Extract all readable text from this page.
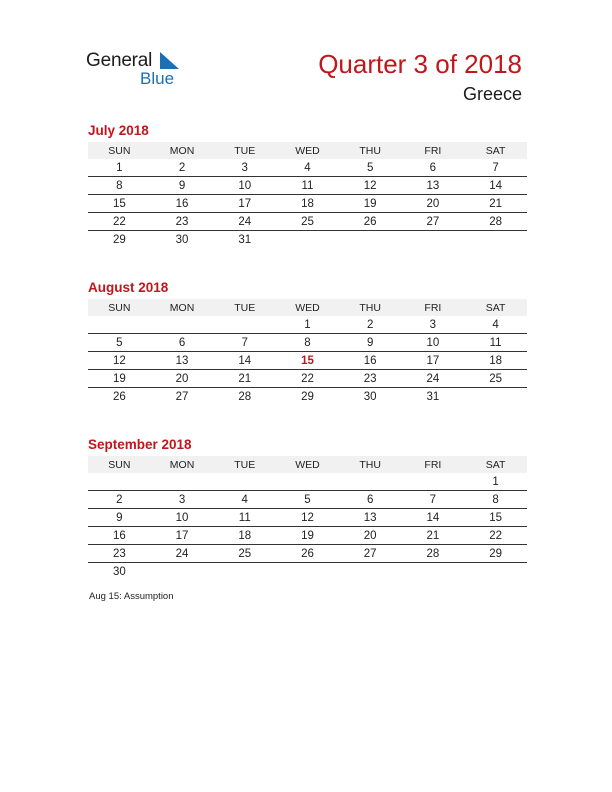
General
Blue	Quarter 3 of 2018
Greece
July 2018
SUN	MON	TUE	WED	THU	FRI	SAT
1	2	3	4	5	6	7
8	9	10	11	12	13	14
15	16	17	18	19	20	21
22	23	24	25	26	27	28
29	30	31				
August 2018
SUN	MON	TUE	WED	THU	FRI	SAT
			1	2	3	4
5	6	7	8	9	10	11
12	13	14	15	16	17	18
19	20	21	22	23	24	25
26	27	28	29	30	31	
September 2018
SUN	MON	TUE	WED	THU	FRI	SAT
						1
2	3	4	5	6	7	8
9	10	11	12	13	14	15
16	17	18	19	20	21	22
23	24	25	26	27	28	29
30						
Aug 15: Assumption
